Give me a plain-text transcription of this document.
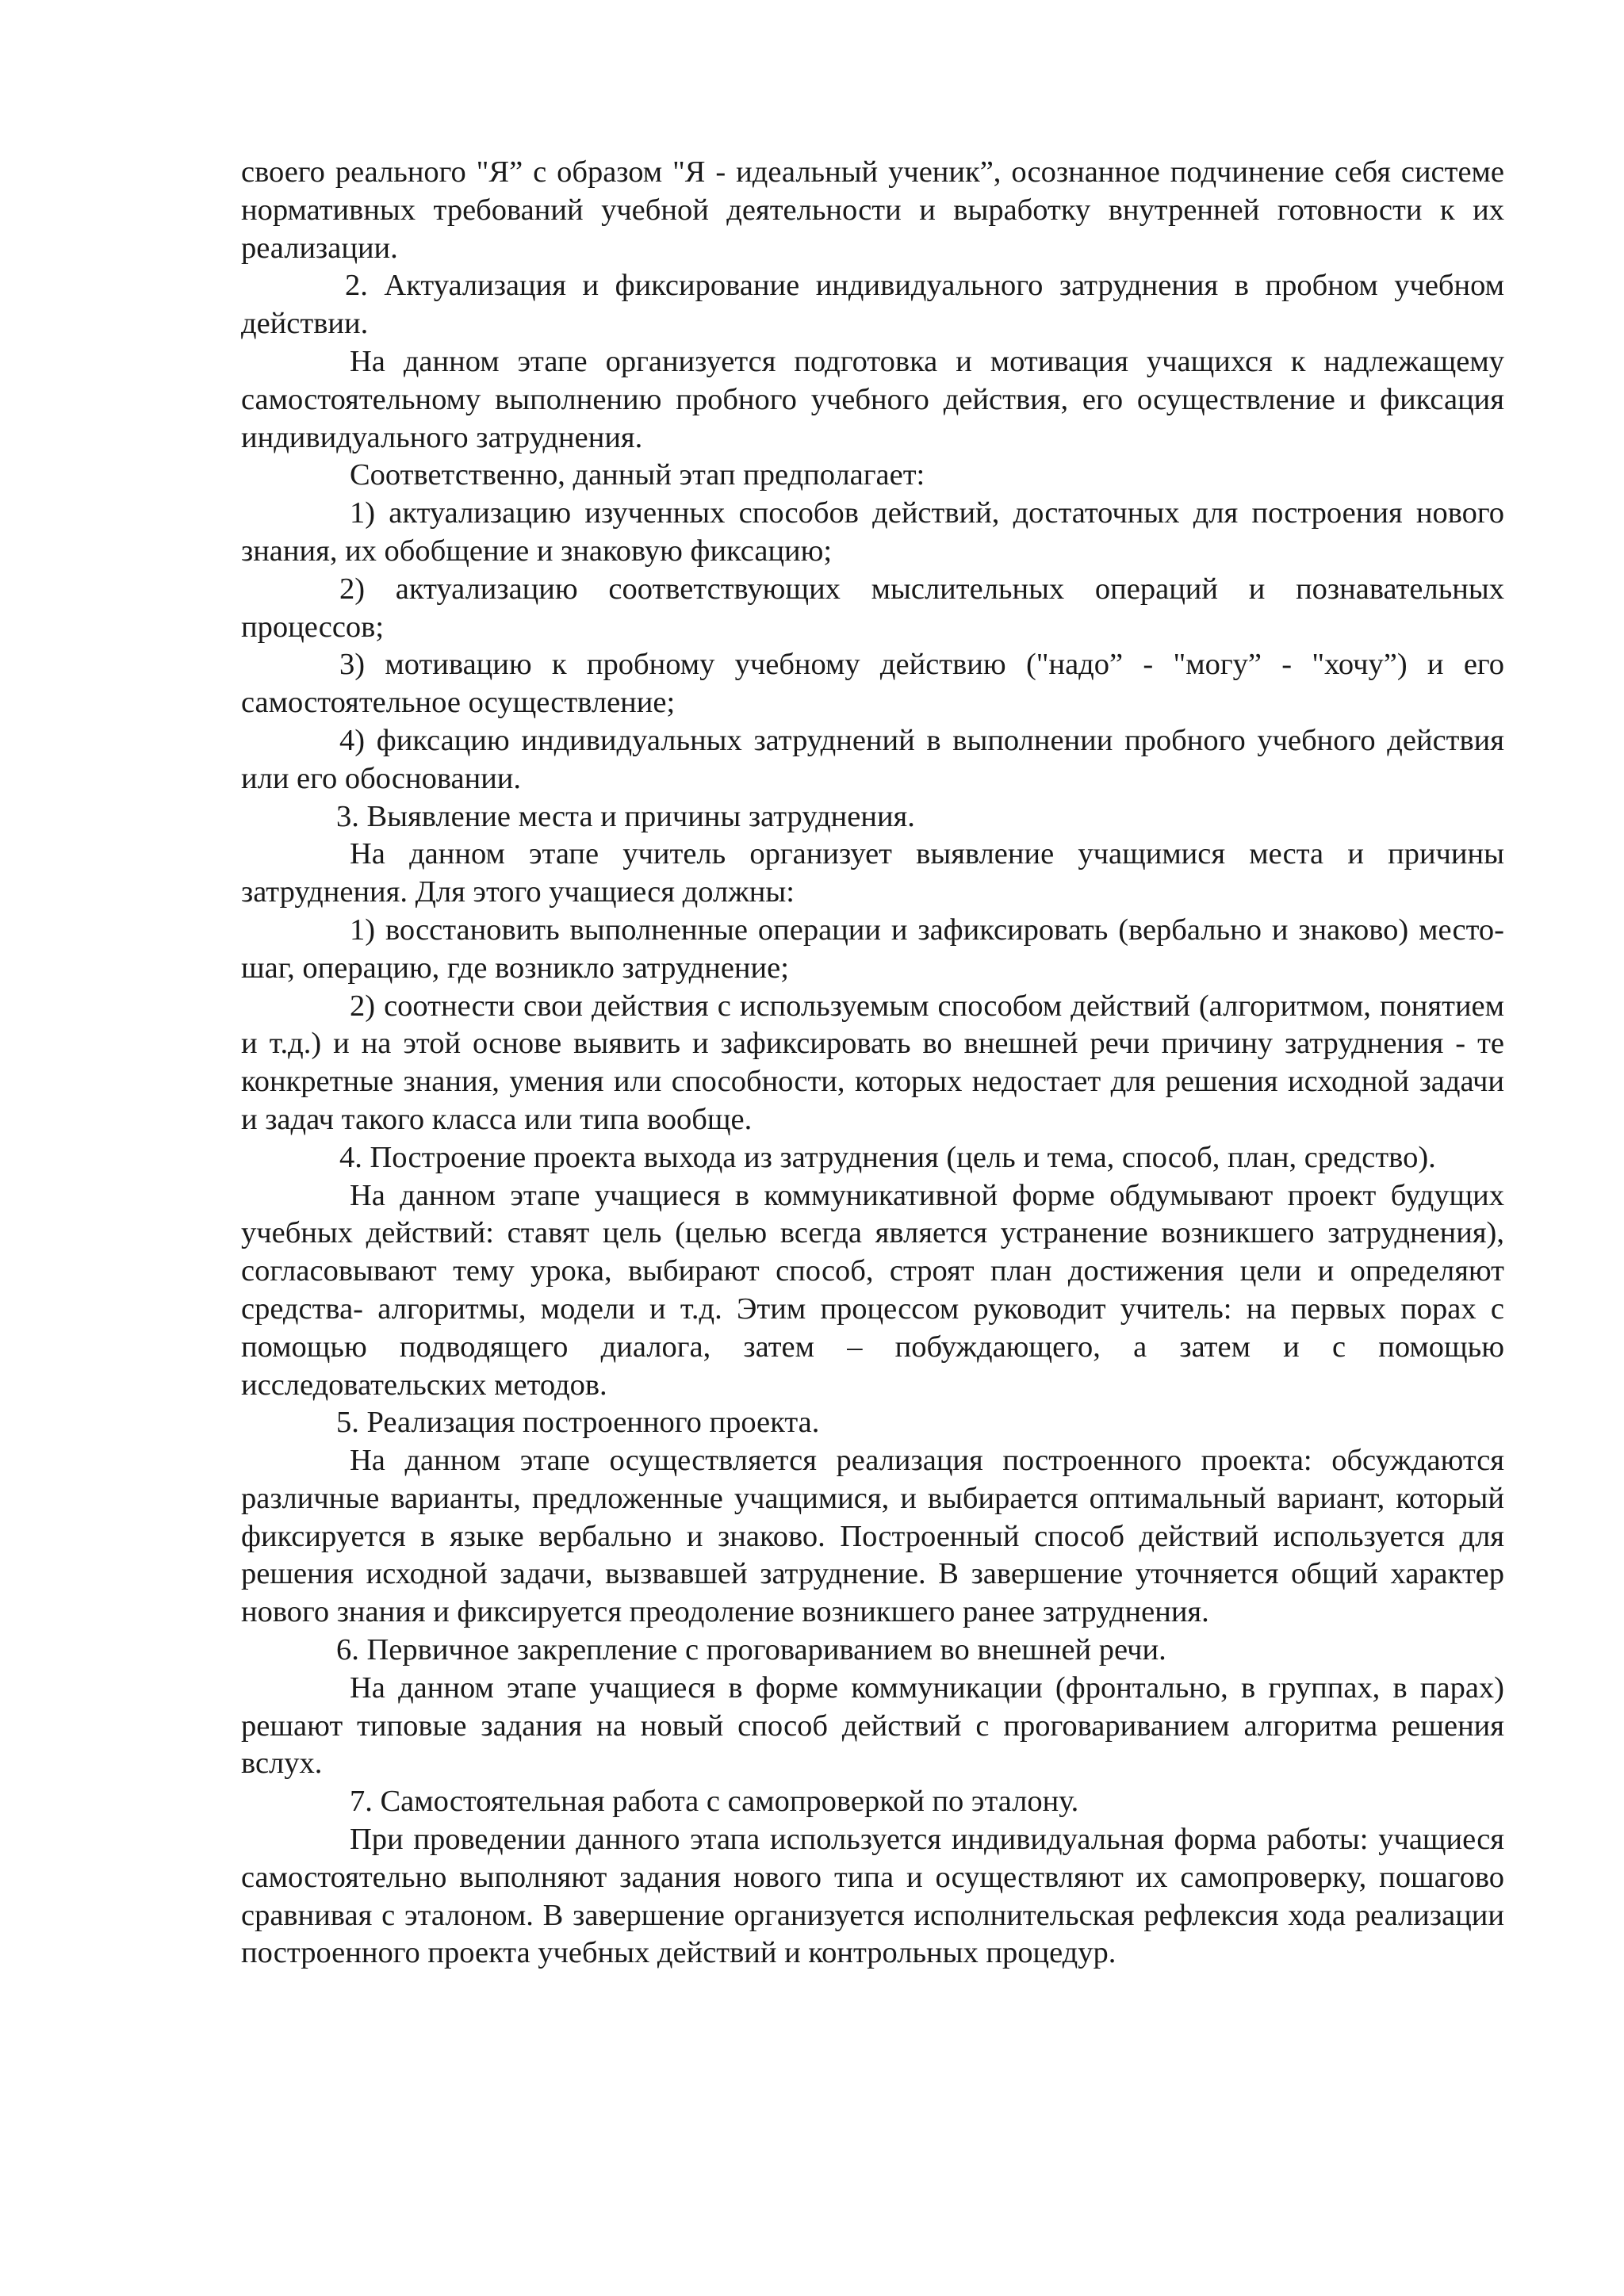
своего реального "Я” с образом "Я - идеальный ученик”, осознанное подчинение себя системе нормативных требований учебной деятельности и выработку внутренней готовности к их реализации.

2. Актуализация и фиксирование индивидуального затруднения в пробном учебном действии.

На данном этапе организуется подготовка и мотивация учащихся к надлежащему самостоятельному выполнению пробного учебного действия, его осуществление и фиксация индивидуального затруднения.

Соответственно, данный этап предполагает:

1) актуализацию изученных способов действий, достаточных для построения нового знания, их обобщение и знаковую фиксацию;

2) актуализацию соответствующих мыслительных операций и познавательных процессов;

3) мотивацию к пробному учебному действию ("надо” - "могу” - "хочу”) и его самостоятельное осуществление;

4) фиксацию индивидуальных затруднений в выполнении пробного учебного действия или его обосновании.

3. Выявление места и причины затруднения.

На данном этапе учитель организует выявление учащимися места и причины затруднения. Для этого учащиеся должны:

1) восстановить выполненные операции и зафиксировать (вербально и знаково) место- шаг, операцию, где возникло затруднение;

2) соотнести свои действия с используемым способом действий (алгоритмом, понятием и т.д.) и на этой основе выявить и зафиксировать во внешней речи причину затруднения - те конкретные знания, умения или способности, которых недостает для решения исходной задачи и задач такого класса или типа вообще.

4. Построение проекта выхода из затруднения (цель и тема, способ, план, средство).

На данном этапе учащиеся в коммуникативной форме обдумывают проект будущих учебных действий: ставят цель (целью всегда является устранение возникшего затруднения), согласовывают тему урока, выбирают способ, строят план достижения цели и определяют средства- алгоритмы, модели и т.д. Этим процессом руководит учитель: на первых порах с помощью подводящего диалога, затем – побуждающего, а затем и с помощью исследовательских методов.

5. Реализация построенного проекта.

На данном этапе осуществляется реализация построенного проекта: обсуждаются различные варианты, предложенные учащимися, и выбирается оптимальный вариант, который фиксируется в языке вербально и знаково. Построенный способ действий используется для решения исходной задачи, вызвавшей затруднение. В завершение уточняется общий характер нового знания и фиксируется преодоление возникшего ранее затруднения.

6. Первичное закрепление с проговариванием во внешней речи.

На данном этапе учащиеся в форме коммуникации (фронтально, в группах, в парах) решают типовые задания на новый способ действий с проговариванием алгоритма решения вслух.

7. Самостоятельная работа с самопроверкой по эталону.

При проведении данного этапа используется индивидуальная форма работы: учащиеся самостоятельно выполняют задания нового типа и осуществляют их самопроверку, пошагово сравнивая с эталоном. В завершение организуется исполнительская рефлексия хода реализации построенного проекта учебных действий и контрольных процедур.
